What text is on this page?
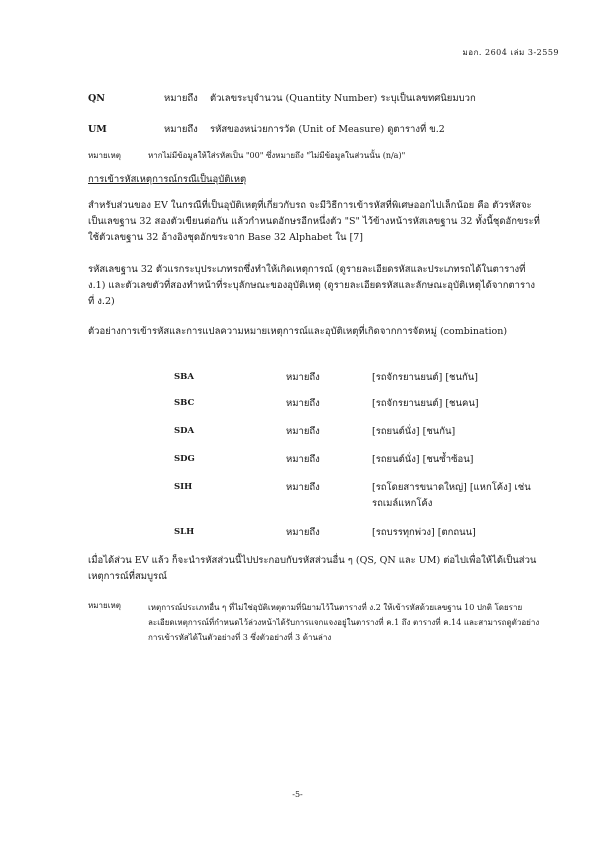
มอก. 2604 เล่ม 3-2559
QN	หมายถึง ตัวเลขระบุจำนวน (Quantity Number) ระบุเป็นเลขทศนิยมบวก
UM	หมายถึง รหัสของหน่วยการวัด (Unit of Measure) ดูตารางที่ ข.2
หมายเหตุ	หากไม่มีข้อมูลให้ใส่รหัสเป็น "00" ซึ่งหมายถึง "ไม่มีข้อมูลในส่วนนั้น (n/a)"
การเข้ารหัสเหตุการณ์กรณีเป็นอุบัติเหตุ
สำหรับส่วนของ EV ในกรณีที่เป็นอุบัติเหตุที่เกี่ยวกับรถ จะมีวิธีการเข้ารหัสที่พิเศษออกไปเล็กน้อย คือ ตัวรหัสจะเป็นเลขฐาน 32 สองตัวเขียนต่อกัน แล้วกำหนดอักษรอีกหนึ่งตัว "S" ไว้ข้างหน้ารหัสเลขฐาน 32 ทั้งนี้ชุดอักขระที่ใช้ตัวเลขฐาน 32 อ้างอิงชุดอักขระจาก Base 32 Alphabet ใน [7]
รหัสเลขฐาน 32 ตัวแรกระบุประเภทรถซึ่งทำให้เกิดเหตุการณ์ (ดูรายละเอียดรหัสและประเภทรถได้ในตารางที่ ง.1) และตัวเลขตัวที่สองทำหน้าที่ระบุลักษณะของอุบัติเหตุ (ดูรายละเอียดรหัสและลักษณะอุบัติเหตุได้จากตารางที่ ง.2)
ตัวอย่างการเข้ารหัสและการแปลความหมายเหตุการณ์และอุบัติเหตุที่เกิดจากการจัดหมู่ (combination)
SBA	หมายถึง	[รถจักรยานยนต์] [ชนกัน]
SBC	หมายถึง	[รถจักรยานยนต์] [ชนคน]
SDA	หมายถึง	[รถยนต์นั่ง] [ชนกัน]
SDG	หมายถึง	[รถยนต์นั่ง] [ชนซ้ำซ้อน]
SIH	หมายถึง	[รถโดยสารขนาดใหญ่] [แหกโค้ง] เช่น รถเมล์แหกโค้ง
SLH	หมายถึง	[รถบรรทุกพ่วง] [ตกถนน]
เมื่อได้ส่วน EV แล้ว ก็จะนำรหัสส่วนนี้ไปประกอบกับรหัสส่วนอื่น ๆ (QS, QN และ UM) ต่อไปเพื่อให้ได้เป็นส่วนเหตุการณ์ที่สมบูรณ์
หมายเหตุ	เหตุการณ์ประเภทอื่น ๆ ที่ไม่ใช่อุบัติเหตุตามที่นิยามไว้ในตารางที่ ง.2 ให้เข้ารหัสด้วยเลขฐาน 10 ปกติ โดยรายละเอียดเหตุการณ์ที่กำหนดไว้ล่วงหน้าได้รับการแจกแจงอยู่ในตารางที่ ค.1 ถึง ตารางที่ ค.14 และสามารถดูตัวอย่างการเข้ารหัสได้ในตัวอย่างที่ 3 ซึ่งตัวอย่างที่ 3 ด้านล่าง
-5-
